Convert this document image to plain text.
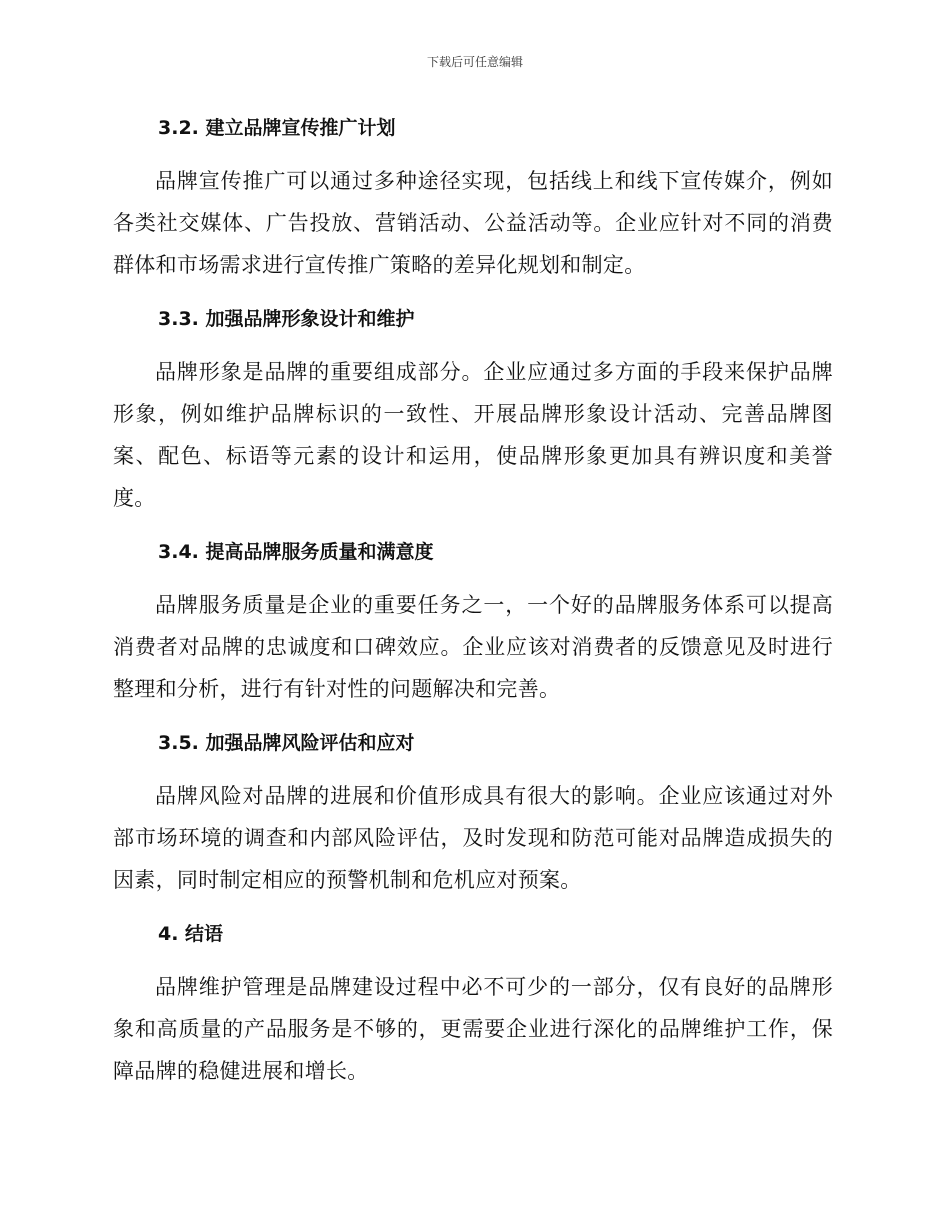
下载后可任意编辑
3.2. 建立品牌宣传推广计划

品牌宣传推广可以通过多种途径实现，包括线上和线下宣传媒介，例如各类社交媒体、广告投放、营销活动、公益活动等。企业应针对不同的消费群体和市场需求进行宣传推广策略的差异化规划和制定。

3.3. 加强品牌形象设计和维护

品牌形象是品牌的重要组成部分。企业应通过多方面的手段来保护品牌形象，例如维护品牌标识的一致性、开展品牌形象设计活动、完善品牌图案、配色、标语等元素的设计和运用，使品牌形象更加具有辨识度和美誉度。

3.4. 提高品牌服务质量和满意度

品牌服务质量是企业的重要任务之一，一个好的品牌服务体系可以提高消费者对品牌的忠诚度和口碑效应。企业应该对消费者的反馈意见及时进行整理和分析，进行有针对性的问题解决和完善。

3.5. 加强品牌风险评估和应对

品牌风险对品牌的进展和价值形成具有很大的影响。企业应该通过对外部市场环境的调查和内部风险评估，及时发现和防范可能对品牌造成损失的因素，同时制定相应的预警机制和危机应对预案。

4. 结语

品牌维护管理是品牌建设过程中必不可少的一部分，仅有良好的品牌形象和高质量的产品服务是不够的，更需要企业进行深化的品牌维护工作，保障品牌的稳健进展和增长。
